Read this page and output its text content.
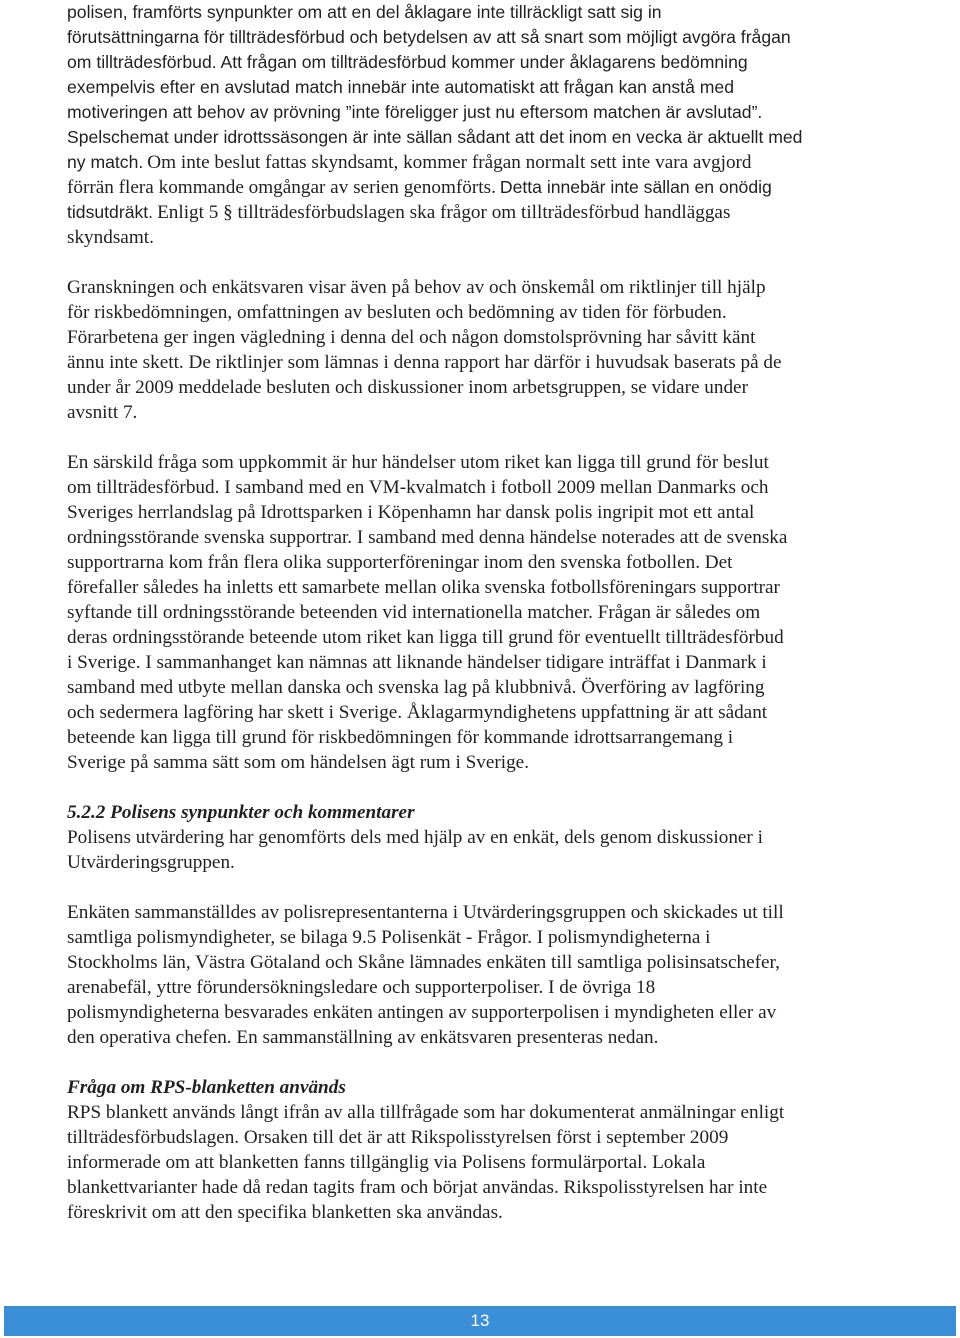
polisen, framförts synpunkter om att en del åklagare inte tillräckligt satt sig in
förutsättningarna för tillträdesförbud och betydelsen av att så snart som möjligt avgöra frågan
om tillträdesförbud. Att frågan om tillträdesförbud kommer under åklagarens bedömning
exempelvis efter en avslutad match innebär inte automatiskt att frågan kan anstå med
motiveringen att behov av prövning ”inte föreligger just nu eftersom matchen är avslutad”.
Spelschemat under idrottssäsongen är inte sällan sådant att det inom en vecka är aktuellt med
ny match.

Om inte beslut fattas skyndsamt, kommer frågan normalt sett inte vara avgjord
förrän flera kommande omgångar av serien genomförts.

Detta innebär inte sällan en onödig
tidsutdräkt.

Enligt 5 § tillträdesförbudslagen ska frågor om tillträdesförbud handläggas
skyndsamt.

Granskningen och enkätsvaren visar även på behov av och önskemål om riktlinjer till hjälp
för riskbedömningen, omfattningen av besluten och bedömning av tiden för förbuden.
Förarbetena ger ingen vägledning i denna del och någon domstolsprövning har såvitt känt
ännu inte skett. De riktlinjer som lämnas i denna rapport har därför i huvudsak baserats på de
under år 2009 meddelade besluten och diskussioner inom arbetsgruppen, se vidare under
avsnitt 7.

En särskild fråga som uppkommit är hur händelser utom riket kan ligga till grund för beslut
om tillträdesförbud. I samband med en VM-kvalmatch i fotboll 2009 mellan Danmarks och
Sveriges herrlandslag på Idrottsparken i Köpenhamn har dansk polis ingripit mot ett antal
ordningsstörande svenska supportrar. I samband med denna händelse noterades att de svenska
supportrarna kom från flera olika supporterföreningar inom den svenska fotbollen. Det
förefaller således ha inletts ett samarbete mellan olika svenska fotbollsföreningars supportrar
syftande till ordningsstörande beteenden vid internationella matcher. Frågan är således om
deras ordningsstörande beteende utom riket kan ligga till grund för eventuellt tillträdesförbud
i Sverige. I sammanhanget kan nämnas att liknande händelser tidigare inträffat i Danmark i
samband med utbyte mellan danska och svenska lag på klubbnivå. Överföring av lagföring
och sedermera lagföring har skett i Sverige. Åklagarmyndighetens uppfattning är att sådant
beteende kan ligga till grund för riskbedömningen för kommande idrottsarrangemang i
Sverige på samma sätt som om händelsen ägt rum i Sverige.

5.2.2 Polisens synpunkter och kommentarer

Polisens utvärdering har genomförts dels med hjälp av en enkät, dels genom diskussioner i
Utvärderingsgruppen.

Enkäten sammanställdes av polisrepresentanterna i Utvärderingsgruppen och skickades ut till
samtliga polismyndigheter, se bilaga 9.5 Polisenkät - Frågor. I polismyndigheterna i
Stockholms län, Västra Götaland och Skåne lämnades enkäten till samtliga polisinsatschefer,
arenabefäl, yttre förundersökningsledare och supporterpoliser. I de övriga 18
polismyndigheterna besvarades enkäten antingen av supporterpolisen i myndigheten eller av
den operativa chefen. En sammanställning av enkätsvaren presenteras nedan.

Fråga om RPS-blanketten används

RPS blankett används långt ifrån av alla tillfrågade som har dokumenterat anmälningar enligt
tillträdesförbudslagen. Orsaken till det är att Rikspolisstyrelsen först i september 2009
informerade om att blanketten fanns tillgänglig via Polisens formulärportal. Lokala
blankettvarianter hade då redan tagits fram och börjat användas. Rikspolisstyrelsen har inte
föreskrivit om att den specifika blanketten ska användas.

13
